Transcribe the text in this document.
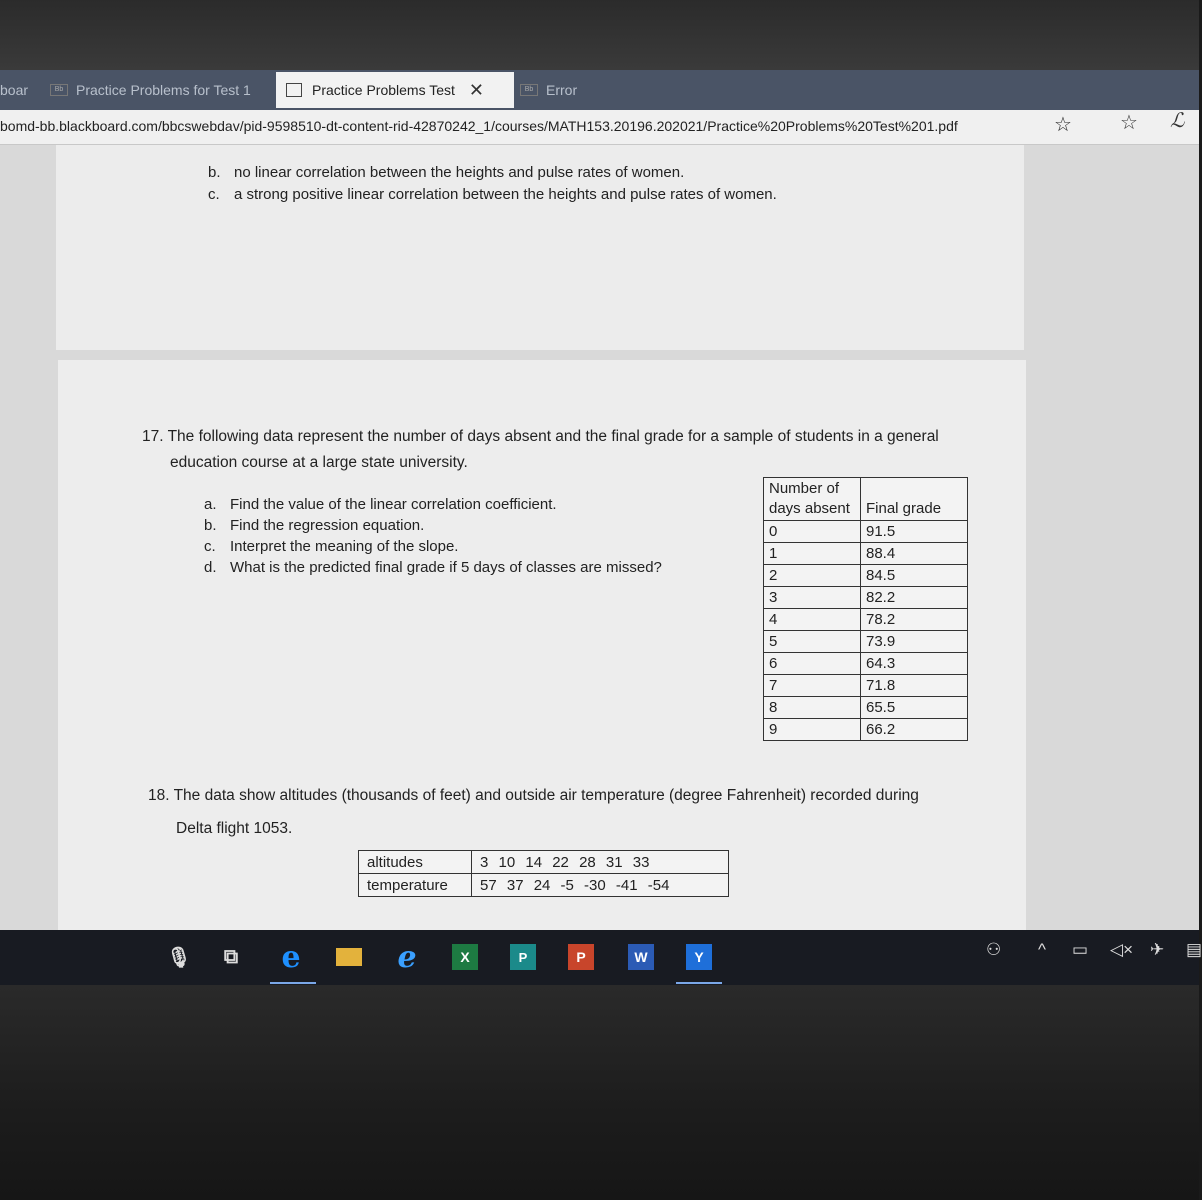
boar	Bb Practice Problems for Test 1	Practice Problems Test ✕	Bb Error
bomd-bb.blackboard.com/bbcswebdav/pid-9598510-dt-content-rid-42870242_1/courses/MATH153.20196.202021/Practice%20Problems%20Test%201.pdf	☆ ☆ ℒ
b. no linear correlation between the heights and pulse rates of women.
c. a strong positive linear correlation between the heights and pulse rates of women.
17. The following data represent the number of days absent and the final grade for a sample of students in a general
education course at a large state university.
a. Find the value of the linear correlation coefficient.
b. Find the regression equation.
c. Interpret the meaning of the slope.
d. What is the predicted final grade if 5 days of classes are missed?
Number of
days absent	Final grade
0	91.5
1	88.4
2	84.5
3	82.2
4	78.2
5	73.9
6	64.3
7	71.8
8	65.5
9	66.2
18. The data show altitudes (thousands of feet) and outside air temperature (degree Fahrenheit) recorded during
Delta flight 1053.
altitudes	3 10 14 22 28 31 33
temperature	57 37 24 -5 -30 -41 -54
🎙 ⧉ e	e	X	P	P	W	Y	⚇ ^ ▭ ◁× ✈ ▤
